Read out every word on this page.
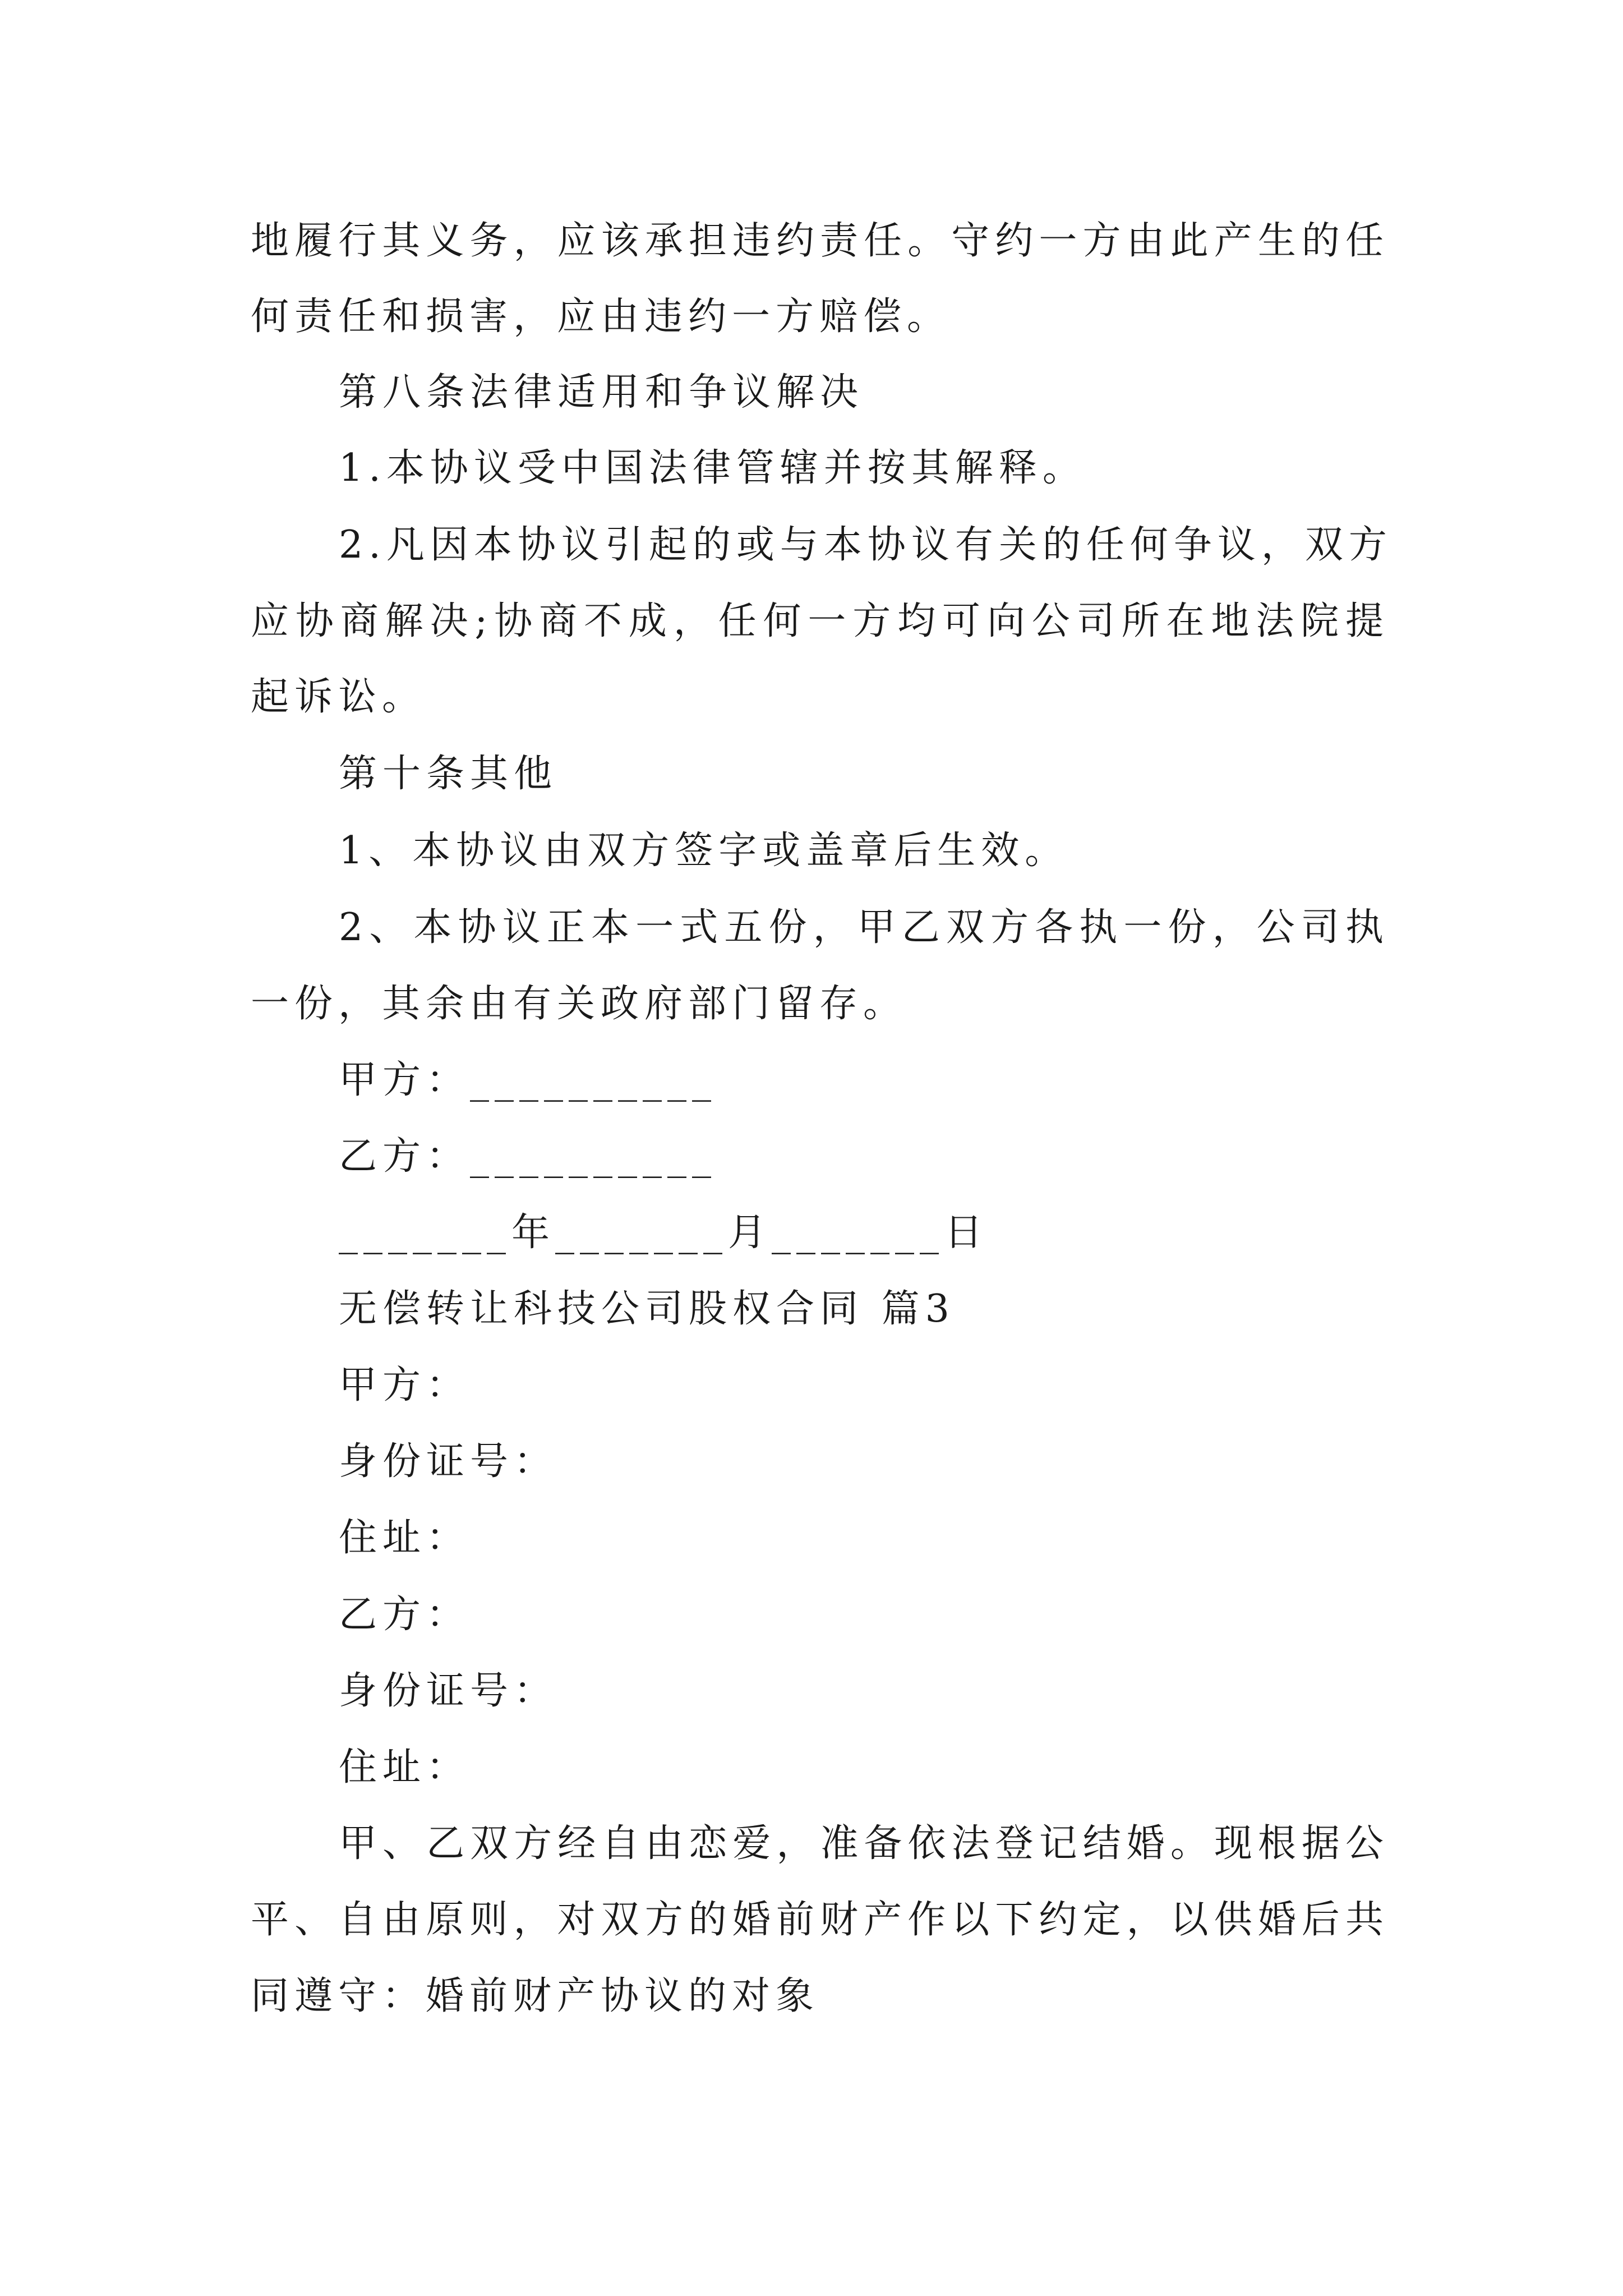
地履行其义务，应该承担违约责任。守约一方由此产生的任
何责任和损害，应由违约一方赔偿。
第八条法律适用和争议解决
1.本协议受中国法律管辖并按其解释。
2.凡因本协议引起的或与本协议有关的任何争议，双方
应协商解决;协商不成，任何一方均可向公司所在地法院提
起诉讼。
第十条其他
1、本协议由双方签字或盖章后生效。
2、本协议正本一式五份，甲乙双方各执一份，公司执
一份，其余由有关政府部门留存。
甲方：__________
乙方：__________
_______年_______月_______日
无偿转让科技公司股权合同 篇3
甲方：
身份证号：
住址：
乙方：
身份证号：
住址：
甲、乙双方经自由恋爱，准备依法登记结婚。现根据公
平、自由原则，对双方的婚前财产作以下约定，以供婚后共
同遵守：婚前财产协议的对象
